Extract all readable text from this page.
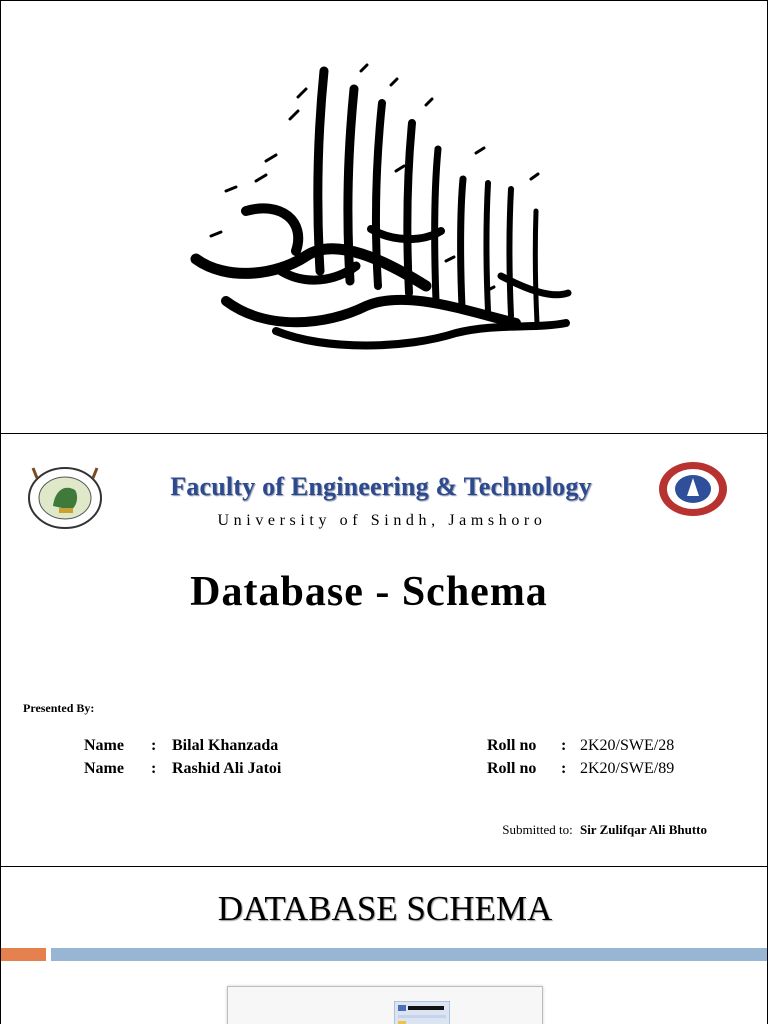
Faculty of Engineering & Technology
University of Sindh, Jamshoro
Database - Schema
Presented By:
Name : Bilal Khanzada	Roll no : 2K20/SWE/28
Name : Rashid Ali Jatoi	Roll no : 2K20/SWE/89
Submitted to: Sir Zulifqar Ali Bhutto
DATABASE SCHEMA
